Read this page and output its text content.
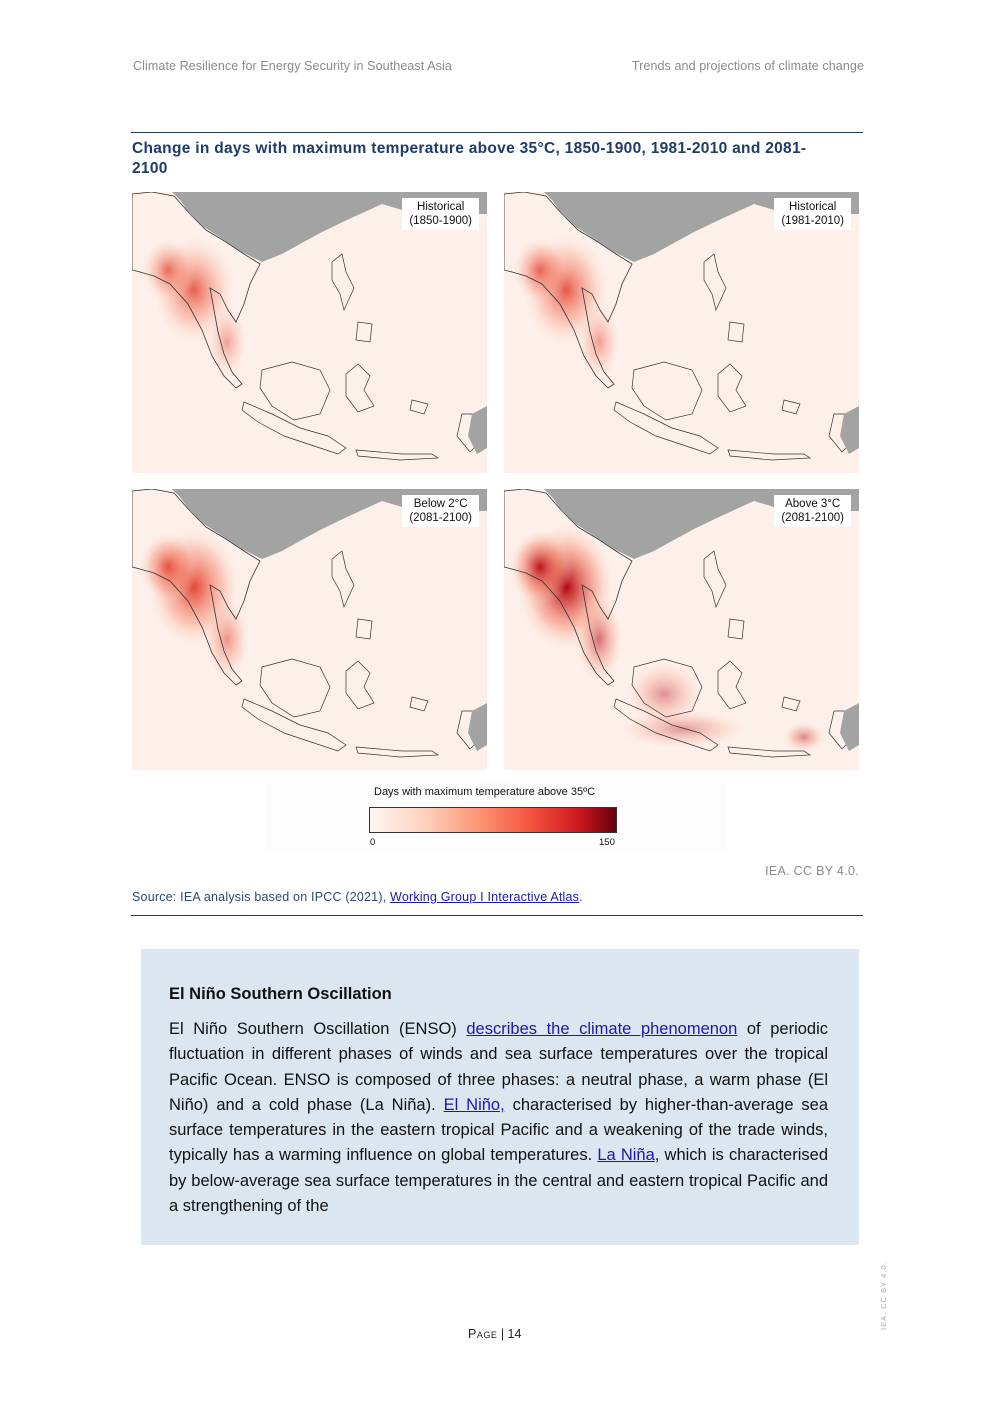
Climate Resilience for Energy Security in Southeast Asia	Trends and projections of climate change
Change in days with maximum temperature above 35°C, 1850-1900, 1981-2010 and 2081-2100
Historical
(1850-1900)
Historical
(1981-2010)
Below 2°C
(2081-2100)
Above 3°C
(2081-2100)
Days with maximum temperature above 35ºC
0	150
IEA. CC BY 4.0.
Source: IEA analysis based on IPCC (2021), Working Group I Interactive Atlas.
El Niño Southern Oscillation
El Niño Southern Oscillation (ENSO) describes the climate phenomenon of periodic fluctuation in different phases of winds and sea surface temperatures over the tropical Pacific Ocean. ENSO is composed of three phases: a neutral phase, a warm phase (El Niño) and a cold phase (La Niña). El Niño, characterised by higher-than-average sea surface temperatures in the eastern tropical Pacific and a weakening of the trade winds, typically has a warming influence on global temperatures. La Niña, which is characterised by below-average sea surface temperatures in the central and eastern tropical Pacific and a strengthening of the
Page | 14
IEA. CC BY 4.0.
